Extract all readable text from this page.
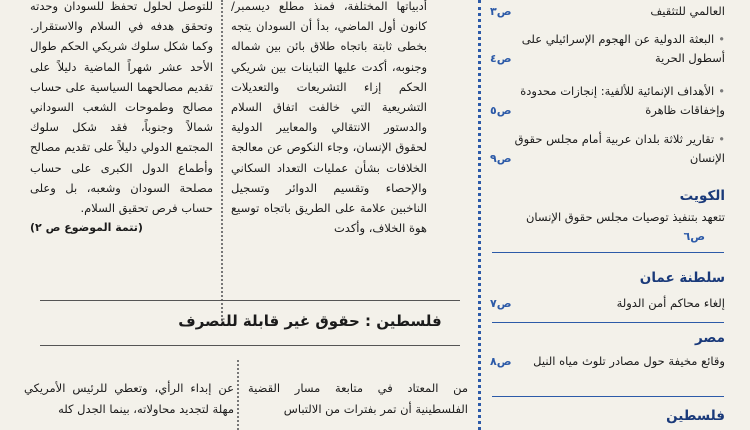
للتوصل لحلول تحفظ للسودان وحدته وتحقق هدفه في السلام والاستقرار. وكما شكل سلوك شريكي الحكم طوال الأحد عشر شهراً الماضية دليلاً على تقديم مصالحهما السياسية على حساب مصالح وطموحات الشعب السوداني شمالاً وجنوباً، فقد شكل سلوك المجتمع الدولي دليلاً على تقديم مصالح وأطماع الدول الكبرى على حساب مصلحة السودان وشعبه، بل وعلى حساب فرص تحقيق السلام.

(تتمة الموضوع ص ٢)

أدبياتها المختلفة، فمنذ مطلع ديسمبر/كانون أول الماضي، بدأ أن السودان يتجه بخطى ثابتة باتجاه طلاق بائن بين شماله وجنوبه، أكدت عليها التباينات بين شريكي الحكم إزاء التشريعات والتعديلات التشريعية التي خالفت اتفاق السلام والدستور الانتقالي والمعايير الدولية لحقوق الإنسان، وجاء النكوص عن معالجة الخلافات بشأن عمليات التعداد السكاني والإحصاء وتقسيم الدوائر وتسجيل الناخبين علامة على الطريق باتجاه توسيع هوة الخلاف، وأكدت

فلسطين : حقوق غير قابلة للتصرف
عن إبداء الرأي، وتعطي للرئيس الأمريكي مهلة لتجديد محاولاته، بينما الجدل كله
من المعتاد في متابعة مسار القضية الفلسطينية أن تمر بفترات من الالتباس
العالمي للتثقيف
ص٣
•البعثة الدولية عن الهجوم الإسرائيلي على أسطول الحرية
ص٤
•الأهداف الإنمائية للألفية: إنجازات محدودة وإخفاقات ظاهرة
ص٥
•تقارير ثلاثة بلدان عربية أمام مجلس حقوق الإنسان
ص٩
الكويت
تتعهد بتنفيذ توصيات مجلس حقوق الإنسان
ص٦
سلطنة عمان
إلغاء محاكم أمن الدولة
ص٧
مصر
وقائع مخيفة حول مصادر تلوث مياه النيل
ص٨
فلسطين
